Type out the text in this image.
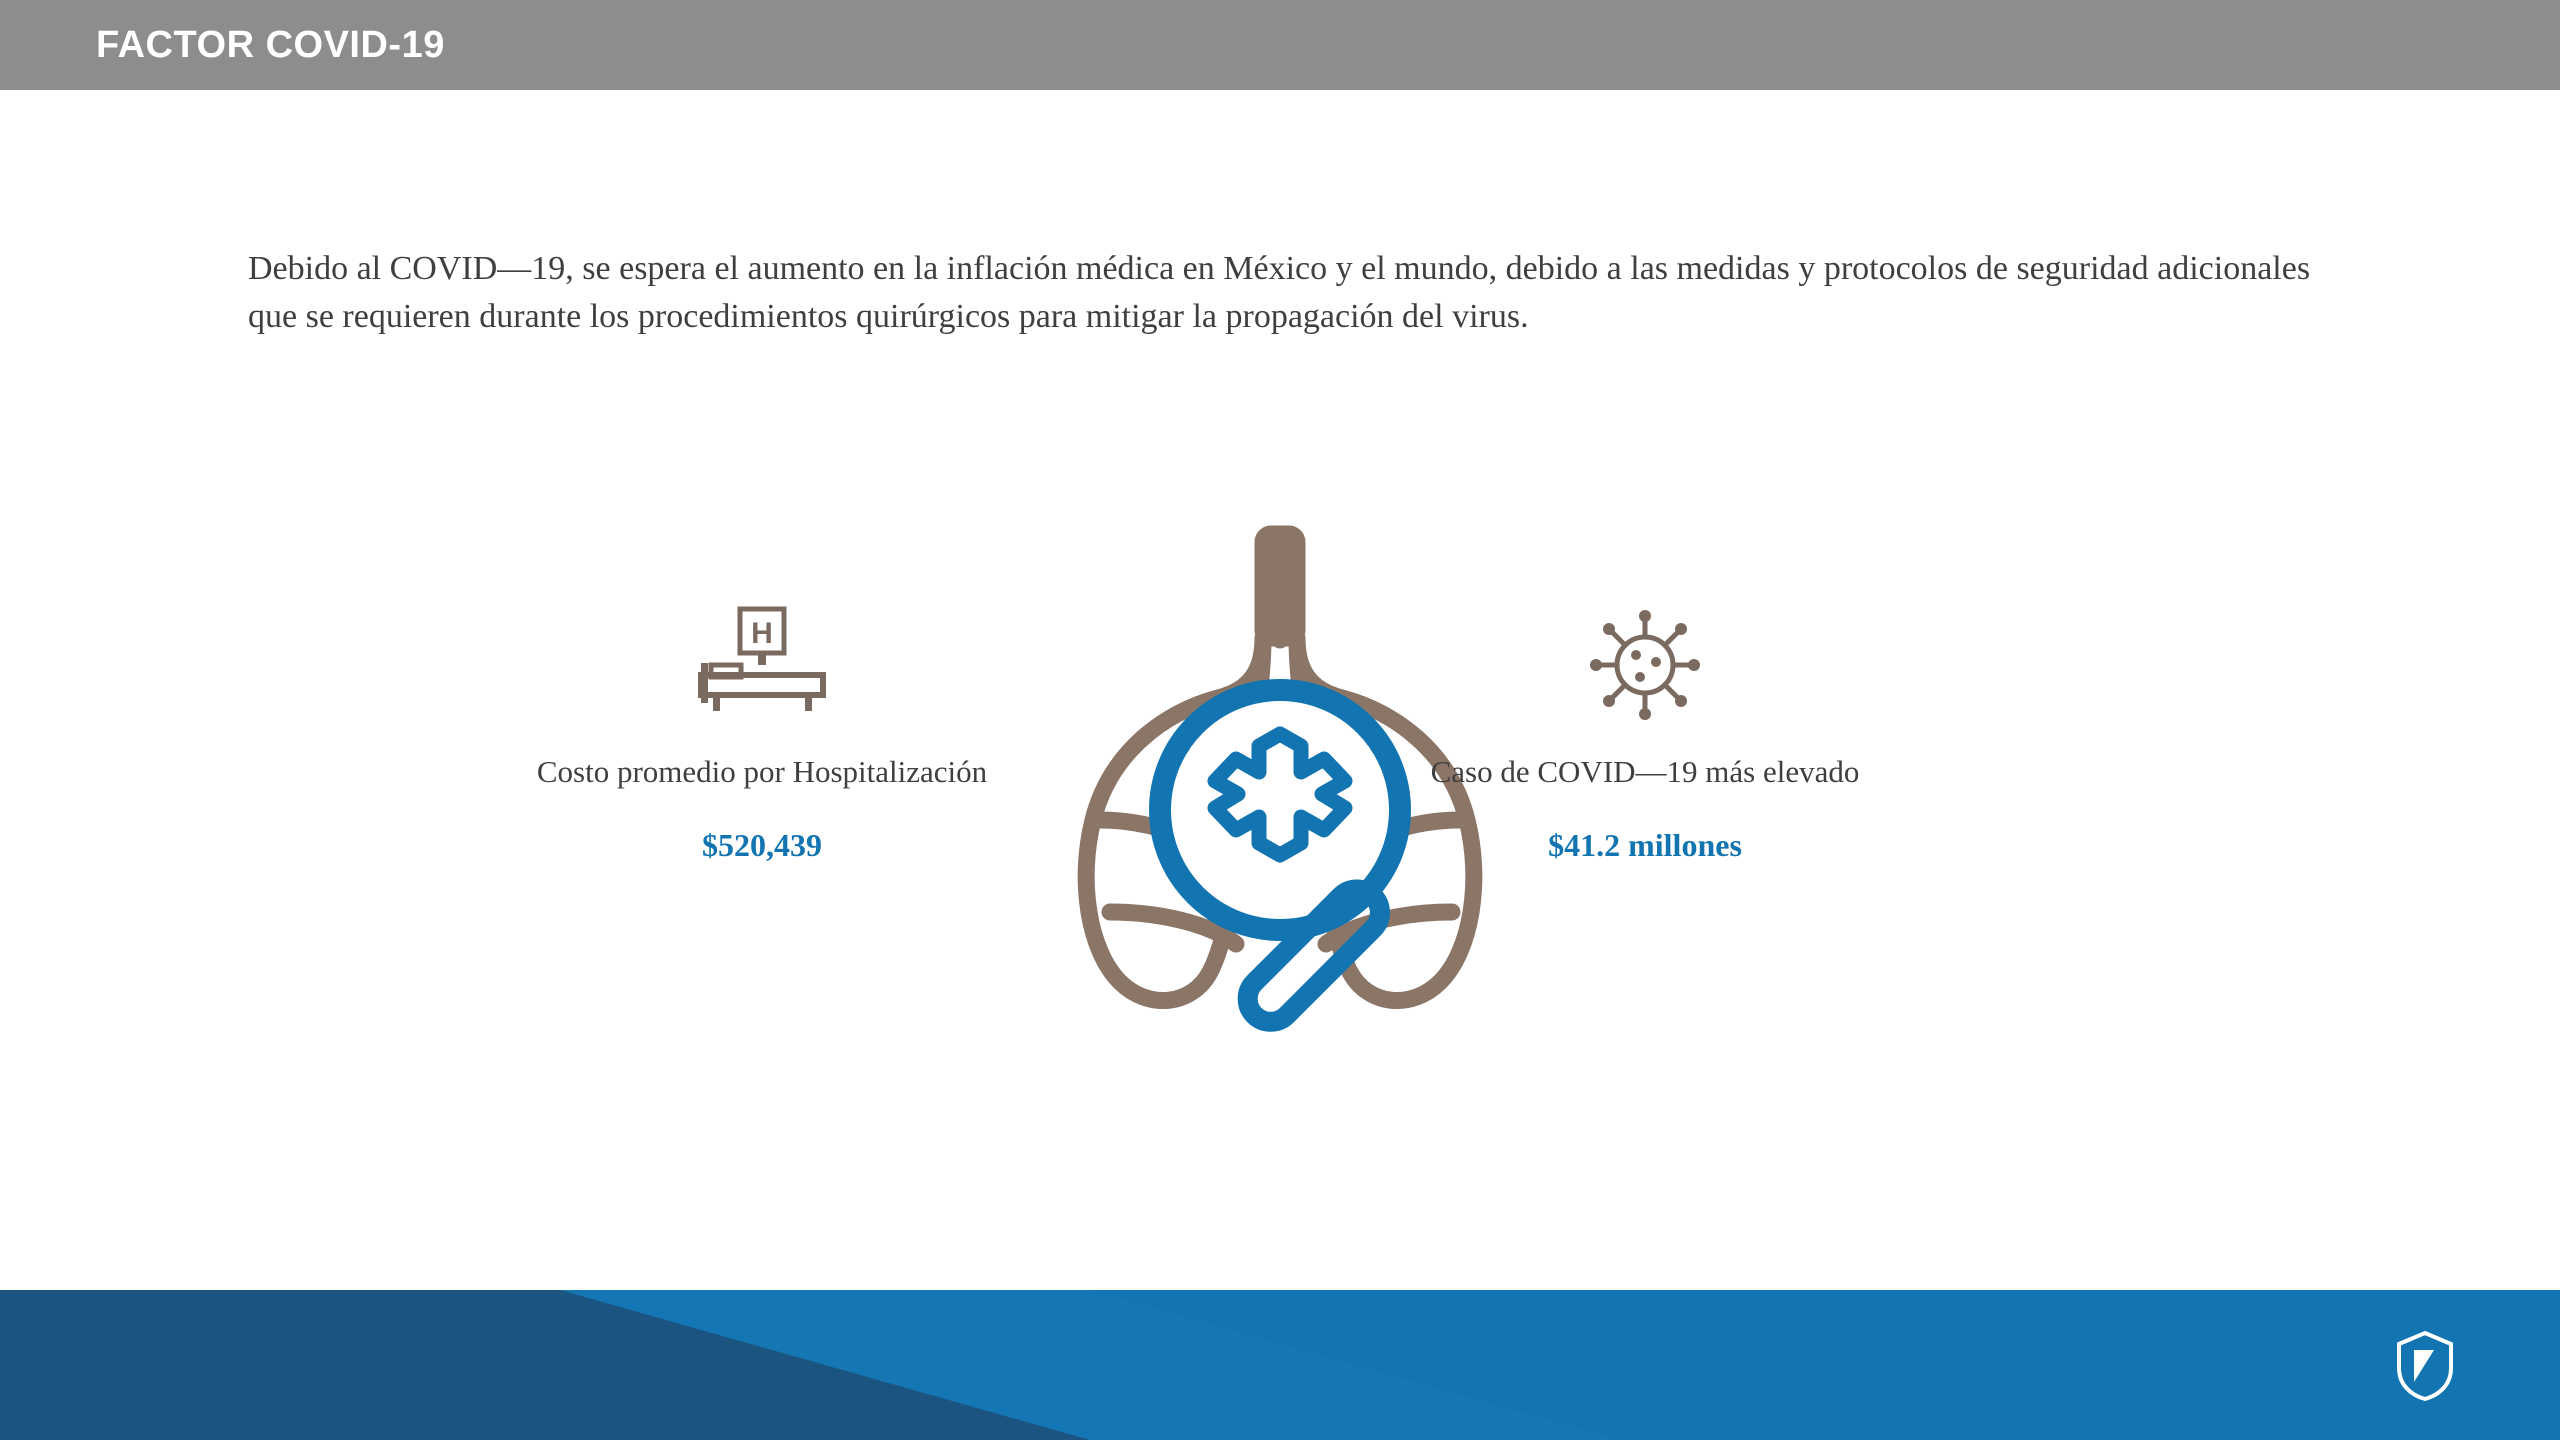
FACTOR COVID-19
Debido al COVID—19, se espera el aumento en la inflación médica en México y el mundo, debido a las medidas y protocolos de seguridad adicionales que se requieren durante los procedimientos quirúrgicos para mitigar la propagación del virus.
H
Costo promedio por Hospitalización
$520,439
Caso de COVID—19 más elevado
$41.2 millones
